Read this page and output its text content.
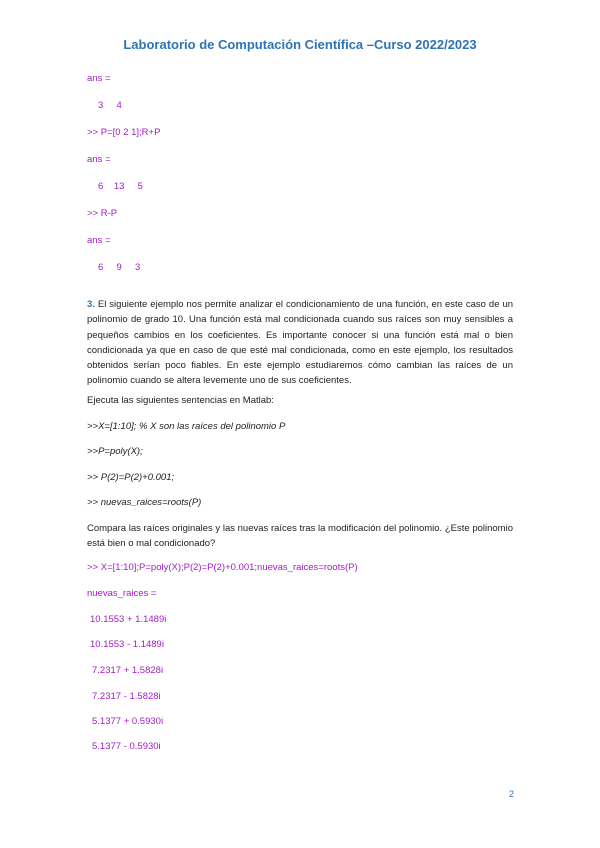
Laboratorio de Computación Científica –Curso 2022/2023
ans =
3     4
>> P=[0 2 1];R+P
ans =
6    13     5
>> R-P
ans =
6     9     3
3. El siguiente ejemplo nos permite analizar el condicionamiento de una función, en este caso de un polinomio de grado 10. Una función está mal condicionada cuando sus raíces son muy sensibles a pequeños cambios en los coeficientes. Es importante conocer si una función está mal o bien condicionada ya que en caso de que esté mal condicionada, como en este ejemplo, los resultados obtenidos serían poco fiables. En este ejemplo estudiaremos cómo cambian las raíces de un polinomio cuando se altera levemente uno de sus coeficientes.
Ejecuta las siguientes sentencias en Matlab:
>>X=[1:10]; % X son las raíces del polinomio P
>>P=poly(X);
>> P(2)=P(2)+0.001;
>> nuevas_raices=roots(P)
Compara las raíces originales y las nuevas raíces tras la modificación del polinomio. ¿Este polinomio está bien o mal condicionado?
>> X=[1:10];P=poly(X);P(2)=P(2)+0.001;nuevas_raices=roots(P)
nuevas_raices =
10.1553 + 1.1489i
10.1553 - 1.1489i
7.2317 + 1.5828i
7.2317 - 1.5828i
5.1377 + 0.5930i
5.1377 - 0.5930i
2
